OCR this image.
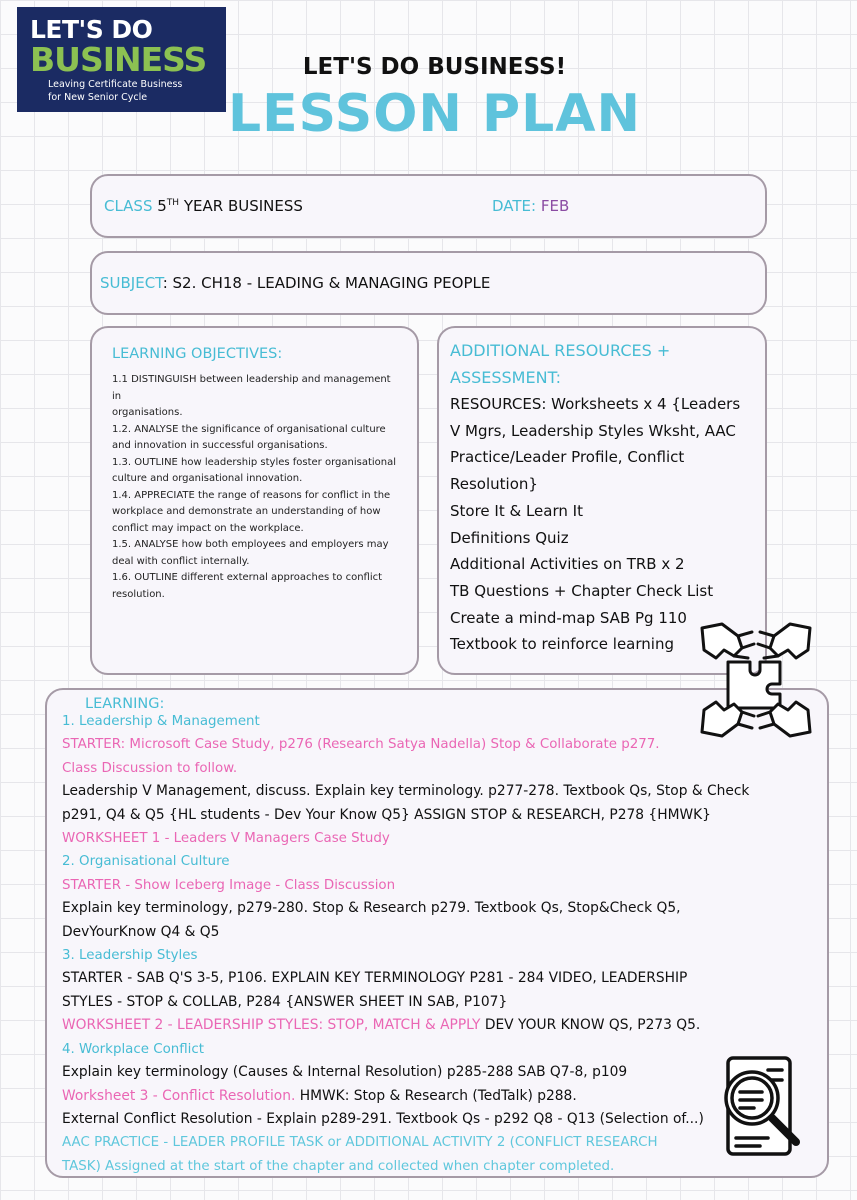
LET'S DO
BUSINESS
Leaving Certificate Business
for New Senior Cycle
LET'S DO BUSINESS!
LESSON PLAN
CLASS 5TH YEAR BUSINESS	DATE: FEB
SUBJECT: S2. CH18 - LEADING & MANAGING PEOPLE
LEARNING OBJECTIVES:
1.1 DISTINGUISH between leadership and management in
organisations.
1.2. ANALYSE the significance of organisational culture
and innovation in successful organisations.
1.3. OUTLINE how leadership styles foster organisational
culture and organisational innovation.
1.4. APPRECIATE the range of reasons for conflict in the
workplace and demonstrate an understanding of how
conflict may impact on the workplace.
1.5. ANALYSE how both employees and employers may
deal with conflict internally.
1.6. OUTLINE different external approaches to conflict
resolution.
ADDITIONAL RESOURCES +
ASSESSMENT:
RESOURCES: Worksheets x 4 {Leaders
V Mgrs, Leadership Styles Wksht, AAC
Practice/Leader Profile, Conflict
Resolution}
Store It & Learn It
Definitions Quiz
Additional Activities on TRB x 2
TB Questions + Chapter Check List
Create a mind-map SAB Pg 110
Textbook to reinforce learning
LEARNING:
1. Leadership & Management
STARTER: Microsoft Case Study, p276 (Research Satya Nadella) Stop & Collaborate p277.
Class Discussion to follow.
Leadership V Management, discuss. Explain key terminology. p277-278. Textbook Qs, Stop & Check
p291, Q4 & Q5 {HL students - Dev Your Know Q5} ASSIGN STOP & RESEARCH, P278 {HMWK}
WORKSHEET 1 - Leaders V Managers Case Study
2. Organisational Culture
STARTER - Show Iceberg Image - Class Discussion
Explain key terminology, p279-280. Stop & Research p279. Textbook Qs, Stop&Check Q5,
DevYourKnow Q4 & Q5
3. Leadership Styles
STARTER - SAB Q'S 3-5, P106. EXPLAIN KEY TERMINOLOGY P281 - 284 VIDEO, LEADERSHIP
STYLES - STOP & COLLAB, P284 {ANSWER SHEET IN SAB, P107}
WORKSHEET 2 - LEADERSHIP STYLES: STOP, MATCH & APPLY DEV YOUR KNOW QS, P273 Q5.
4. Workplace Conflict
Explain key terminology (Causes & Internal Resolution) p285-288 SAB Q7-8, p109
Worksheet 3 - Conflict Resolution. HMWK: Stop & Research (TedTalk) p288.
External Conflict Resolution - Explain p289-291. Textbook Qs - p292 Q8 - Q13 (Selection of...)
AAC PRACTICE - LEADER PROFILE TASK or ADDITIONAL ACTIVITY 2 (CONFLICT RESEARCH
TASK) Assigned at the start of the chapter and collected when chapter completed.
